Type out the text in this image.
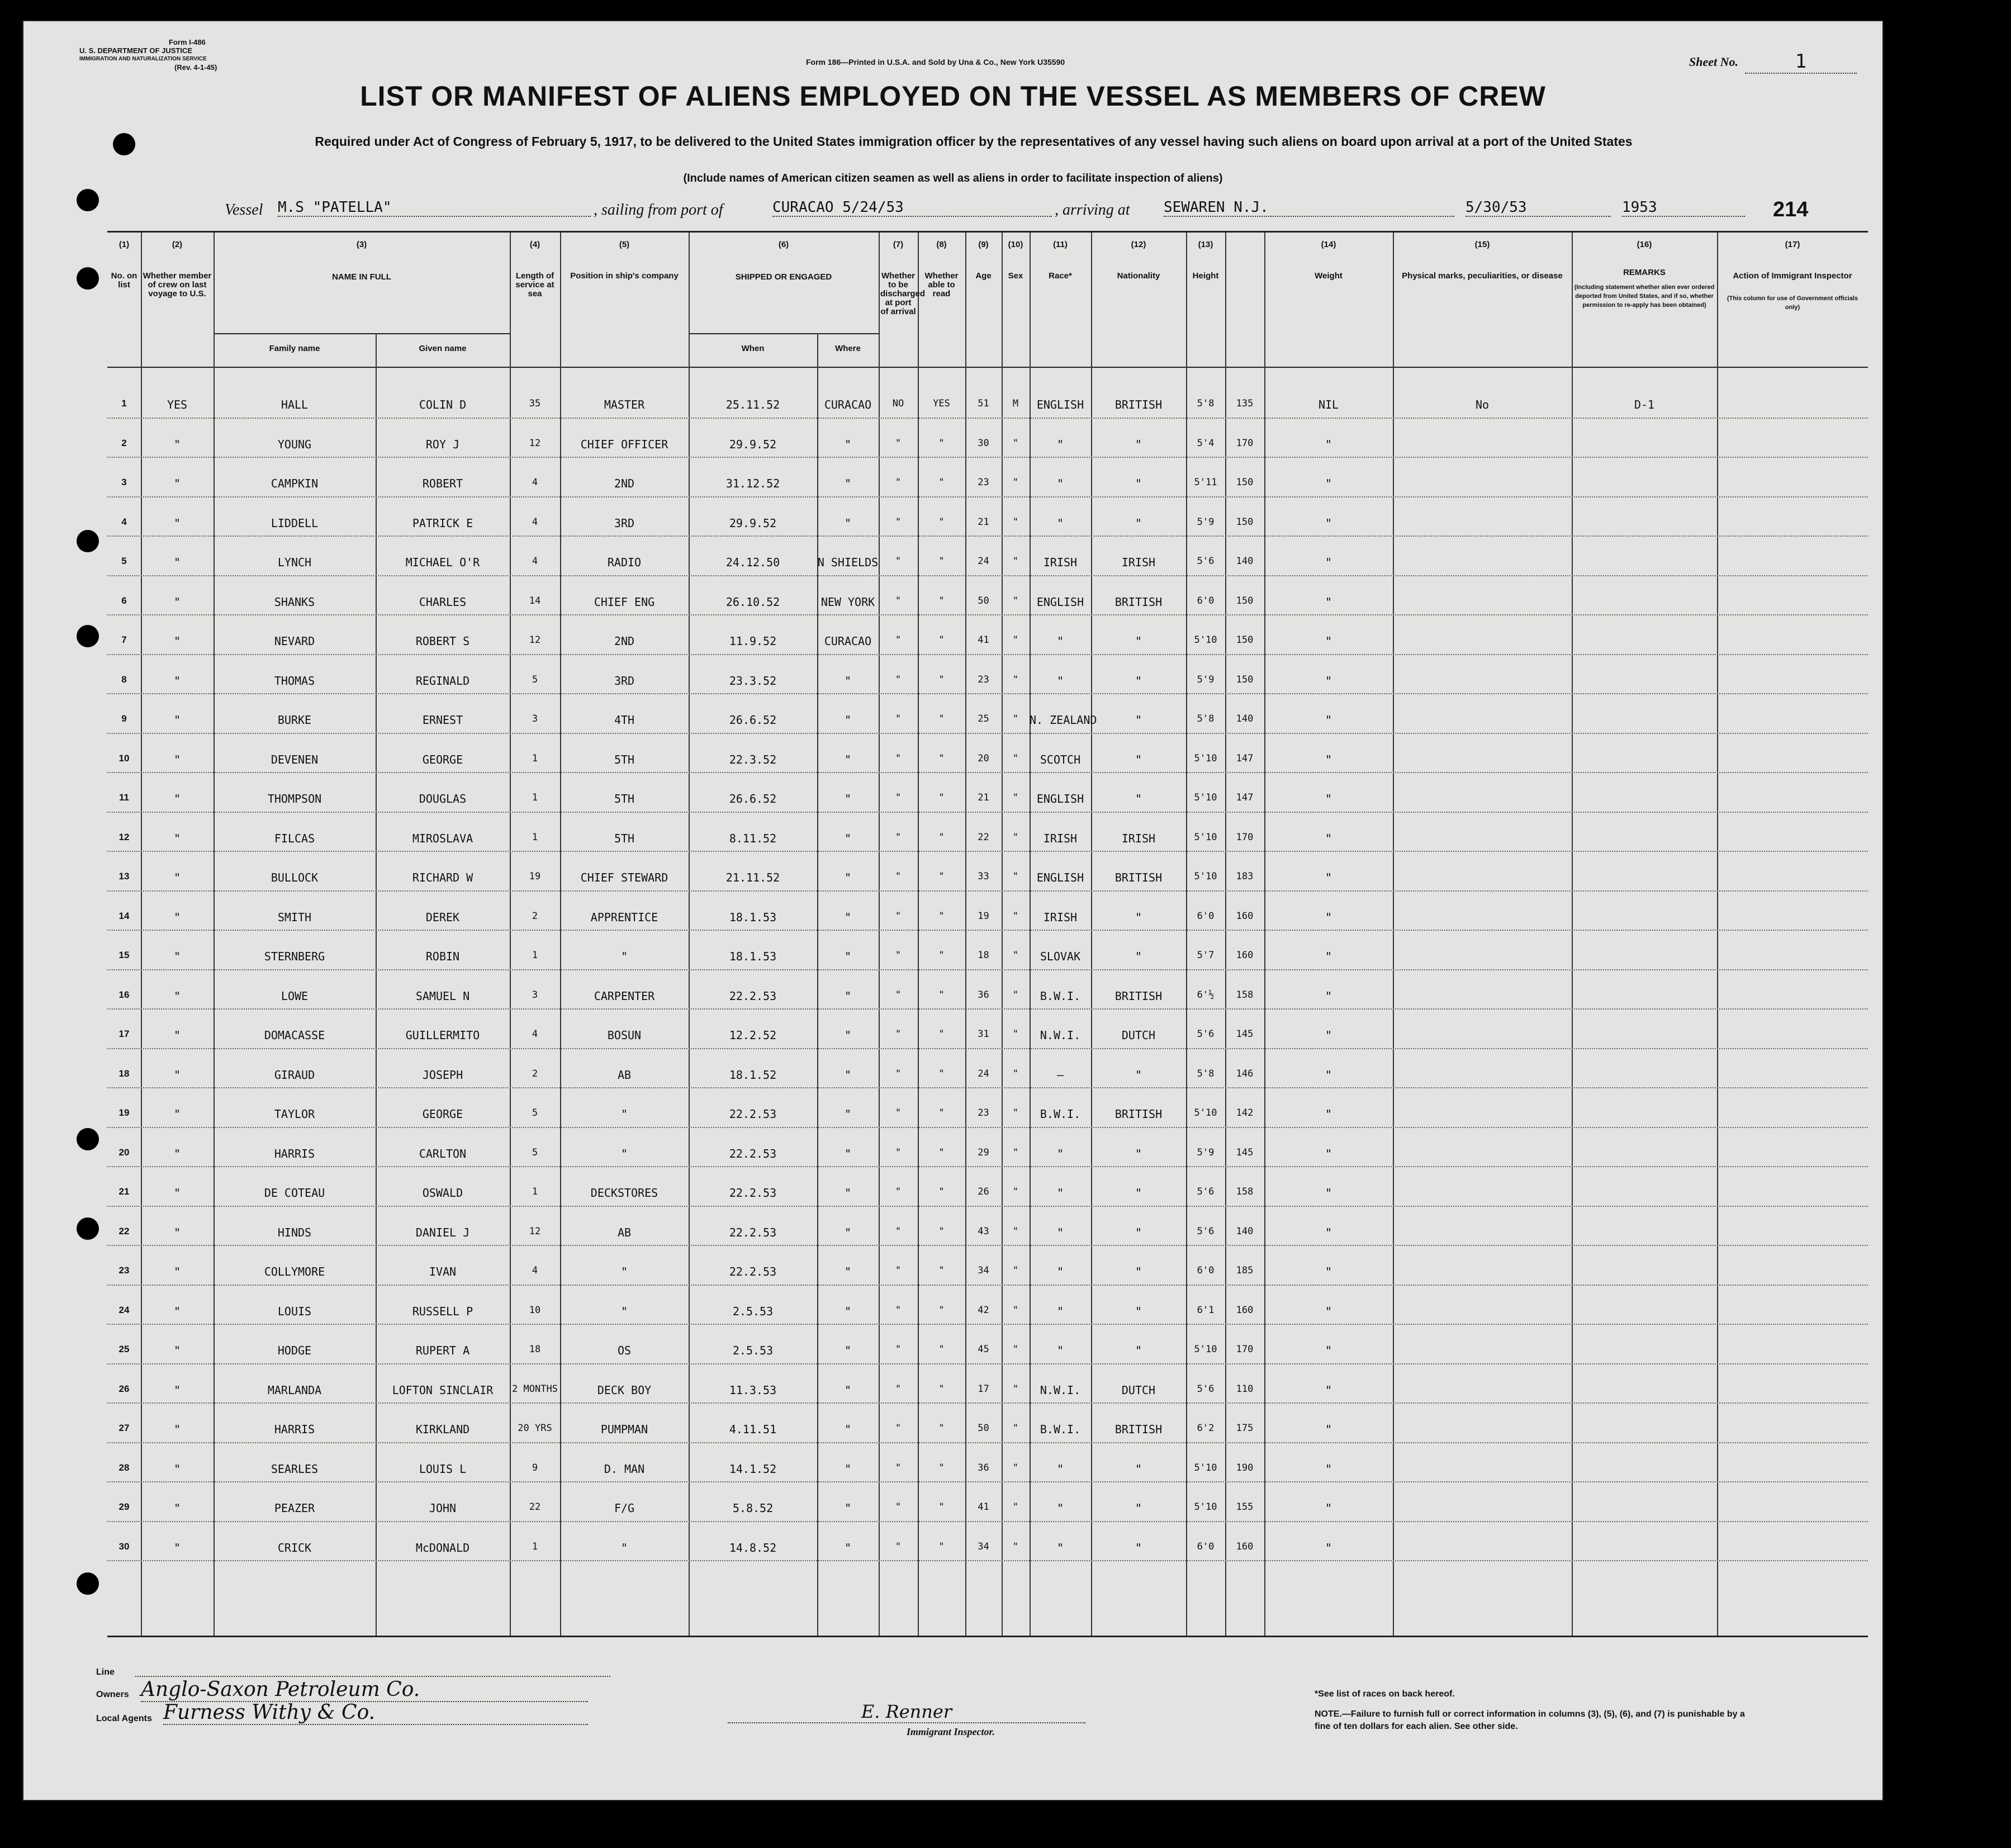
Form I-486
U. S. DEPARTMENT OF JUSTICE
IMMIGRATION AND NATURALIZATION SERVICE
(Rev. 4-1-45)
Form 186—Printed in U.S.A. and Sold by Una & Co., New York U35590	Sheet No.	1
LIST OR MANIFEST OF ALIENS EMPLOYED ON THE VESSEL AS MEMBERS OF CREW
Required under Act of Congress of February 5, 1917, to be delivered to the United States immigration officer by the representatives of any vessel having such aliens on board upon arrival at a port of the United States
(Include names of American citizen seamen as well as aliens in order to facilitate inspection of aliens)
Vessel M.S "PATELLA"	, sailing from port of	CURACAO 5/24/53	, arriving at SEWAREN N.J.	5/30/53	1953	214
(1)
No. on list
(2)
Whether member of crew on last voyage to U.S.
(3)
NAME IN FULL
(4)
Length of service at sea
(5)
Position in ship's company
(6)
SHIPPED OR ENGAGED
(7)
Whether to be discharged at port of arrival
(8)
Whether able to read
(9)
Age
(10)
Sex
(11)
Race*
(12)
Nationality
(13)
Height
(14)
Weight
(15)
Physical marks, peculiarities, or disease
(16)
REMARKS
(17)
Action of Immigrant Inspector
Family name	Given name	When	Where
(Including statement whether alien ever ordered deported from United States, and if so, whether permission to re-apply has been obtained)
(This column for use of Government officials only)
1	YES	HALL	COLIN D	35	MASTER	25.11.52	CURACAO	NO	YES	51	M	ENGLISH	BRITISH	5'8	135	NIL	No	D-1
2	"	YOUNG	ROY J	12	CHIEF OFFICER	29.9.52	"	"	"	30	"	"	"	5'4	170	"
3	"	CAMPKIN	ROBERT	4	2ND	31.12.52	"	"	"	23	"	"	"	5'11	150	"
4	"	LIDDELL	PATRICK E	4	3RD	29.9.52	"	"	"	21	"	"	"	5'9	150	"
5	"	LYNCH	MICHAEL O'R	4	RADIO	24.12.50	N SHIELDS	"	"	24	"	IRISH	IRISH	5'6	140	"
6	"	SHANKS	CHARLES	14	CHIEF ENG	26.10.52	NEW YORK	"	"	50	"	ENGLISH	BRITISH	6'0	150	"
7	"	NEVARD	ROBERT S	12	2ND	11.9.52	CURACAO	"	"	41	"	"	"	5'10	150	"
8	"	THOMAS	REGINALD	5	3RD	23.3.52	"	"	"	23	"	"	"	5'9	150	"
9	"	BURKE	ERNEST	3	4TH	26.6.52	"	"	"	25	" N. ZEALAND	"	5'8	140	"
10	"	DEVENEN	GEORGE	1	5TH	22.3.52	"	"	"	20	"	SCOTCH	"	5'10	147	"
11	"	THOMPSON	DOUGLAS	1	5TH	26.6.52	"	"	"	21	"	ENGLISH	"	5'10	147	"
12	"	FILCAS	MIROSLAVA	1	5TH	8.11.52	"	"	"	22	"	IRISH	IRISH	5'10	170	"
13	"	BULLOCK	RICHARD W	19	CHIEF STEWARD	21.11.52	"	"	"	33	"	ENGLISH	BRITISH	5'10	183	"
14	"	SMITH	DEREK	2	APPRENTICE	18.1.53	"	"	"	19	"	IRISH	"	6'0	160	"
15	"	STERNBERG	ROBIN	1	"	18.1.53	"	"	"	18	"	SLOVAK	"	5'7	160	"
16	"	LOWE	SAMUEL N	3	CARPENTER	22.2.53	"	"	"	36	"	B.W.I.	BRITISH	6'½	158	"
17	"	DOMACASSE	GUILLERMITO	4	BOSUN	12.2.52	"	"	"	31	"	N.W.I.	DUTCH	5'6	145	"
18	"	GIRAUD	JOSEPH	2	AB	18.1.52	"	"	"	24	"	—	"	5'8	146	"
19	"	TAYLOR	GEORGE	5	"	22.2.53	"	"	"	23	"	B.W.I.	BRITISH	5'10	142	"
20	"	HARRIS	CARLTON	5	"	22.2.53	"	"	"	29	"	"	"	5'9	145	"
21	"	DE COTEAU	OSWALD	1	DECKSTORES	22.2.53	"	"	"	26	"	"	"	5'6	158	"
22	"	HINDS	DANIEL J	12	AB	22.2.53	"	"	"	43	"	"	"	5'6	140	"
23	"	COLLYMORE	IVAN	4	"	22.2.53	"	"	"	34	"	"	"	6'0	185	"
24	"	LOUIS	RUSSELL P	10	"	2.5.53	"	"	"	42	"	"	"	6'1	160	"
25	"	HODGE	RUPERT A	18	OS	2.5.53	"	"	"	45	"	"	"	5'10	170	"
26	"	MARLANDA	LOFTON SINCLAIR	2 MONTHS	DECK BOY	11.3.53	"	"	"	17	"	N.W.I.	DUTCH	5'6	110	"
27	"	HARRIS	KIRKLAND	20 YRS	PUMPMAN	4.11.51	"	"	"	50	"	B.W.I.	BRITISH	6'2	175	"
28	"	SEARLES	LOUIS L	9	D. MAN	14.1.52	"	"	"	36	"	"	"	5'10	190	"
29	"	PEAZER	JOHN	22	F/G	5.8.52	"	"	"	41	"	"	"	5'10	155	"
30	"	CRICK	McDONALD	1	"	14.8.52	"	"	"	34	"	"	"	6'0	160	"
Line
Owners Anglo-Saxon Petroleum Co.
Local Agents Furness Withy & Co.	E. Renner
Immigrant Inspector.
*See list of races on back hereof.
NOTE.—Failure to furnish full or correct information in columns (3), (5), (6), and (7) is punishable by a fine of ten dollars for each alien. See other side.
